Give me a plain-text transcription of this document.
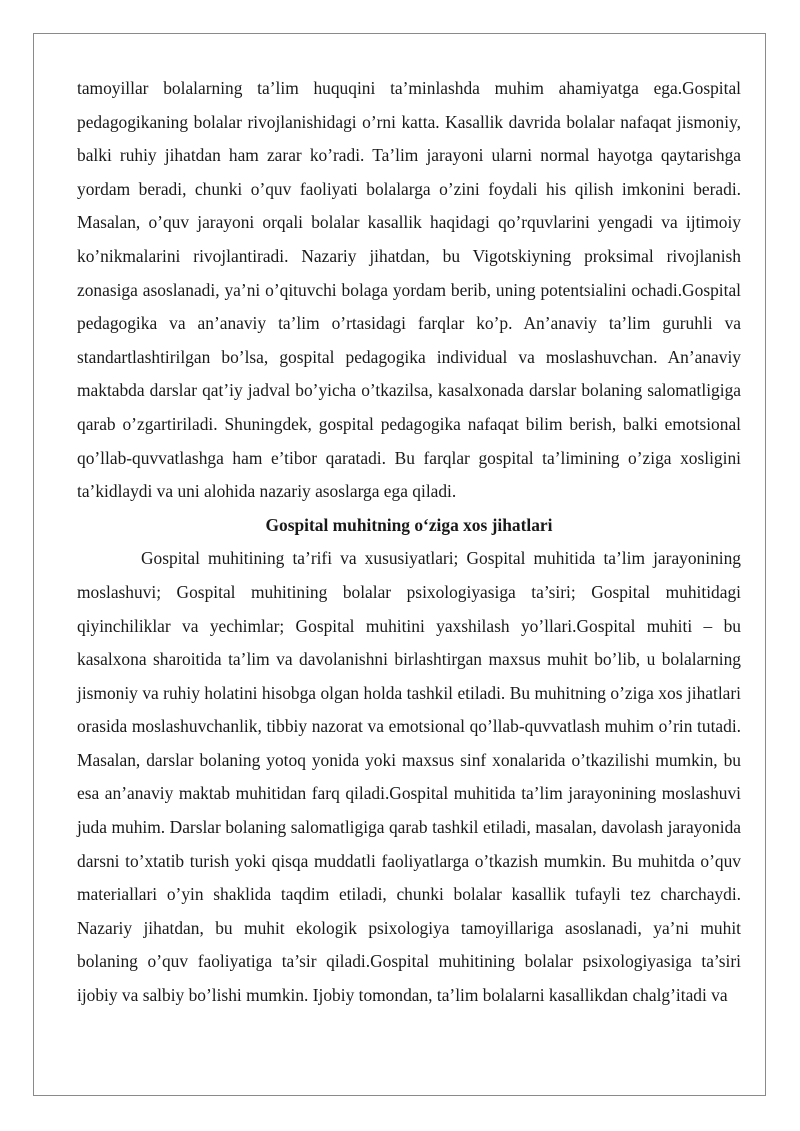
tamoyillar bolalarning ta’lim huquqini ta’minlashda muhim ahamiyatga ega.Gospital pedagogikaning bolalar rivojlanishidagi o’rni katta. Kasallik davrida bolalar nafaqat jismoniy, balki ruhiy jihatdan ham zarar ko’radi. Ta’lim jarayoni ularni normal hayotga qaytarishga yordam beradi, chunki o’quv faoliyati bolalarga o’zini foydali his qilish imkonini beradi. Masalan, o’quv jarayoni orqali bolalar kasallik haqidagi qo’rquvlarini yengadi va ijtimoiy ko’nikmalarini rivojlantiradi. Nazariy jihatdan, bu Vigotskiyning proksimal rivojlanish zonasiga asoslanadi, ya’ni o’qituvchi bolaga yordam berib, uning potentsialini ochadi.Gospital pedagogika va an’anaviy ta’lim o’rtasidagi farqlar ko’p. An’anaviy ta’lim guruhli va standartlashtirilgan bo’lsa, gospital pedagogika individual va moslashuvchan. An’anaviy maktabda darslar qat’iy jadval bo’yicha o’tkazilsa, kasalxonada darslar bolaning salomatligiga qarab o’zgartiriladi. Shuningdek, gospital pedagogika nafaqat bilim berish, balki emotsional qo’llab-quvvatlashga ham e’tibor qaratadi. Bu farqlar gospital ta’limining o’ziga xosligini ta’kidlaydi va uni alohida nazariy asoslarga ega qiladi.

Gospital muhitning o‘ziga xos jihatlari

Gospital muhitining ta’rifi va xususiyatlari; Gospital muhitida ta’lim jarayonining moslashuvi; Gospital muhitining bolalar psixologiyasiga ta’siri; Gospital muhitidagi qiyinchiliklar va yechimlar; Gospital muhitini yaxshilash yo’llari.Gospital muhiti – bu kasalxona sharoitida ta’lim va davolanishni birlashtirgan maxsus muhit bo’lib, u bolalarning jismoniy va ruhiy holatini hisobga olgan holda tashkil etiladi. Bu muhitning o’ziga xos jihatlari orasida moslashuvchanlik, tibbiy nazorat va emotsional qo’llab-quvvatlash muhim o’rin tutadi. Masalan, darslar bolaning yotoq yonida yoki maxsus sinf xonalarida o’tkazilishi mumkin, bu esa an’anaviy maktab muhitidan farq qiladi.Gospital muhitida ta’lim jarayonining moslashuvi juda muhim. Darslar bolaning salomatligiga qarab tashkil etiladi, masalan, davolash jarayonida darsni to’xtatib turish yoki qisqa muddatli faoliyatlarga o’tkazish mumkin. Bu muhitda o’quv materiallari o’yin shaklida taqdim etiladi, chunki bolalar kasallik tufayli tez charchaydi. Nazariy jihatdan, bu muhit ekologik psixologiya tamoyillariga asoslanadi, ya’ni muhit bolaning o’quv faoliyatiga ta’sir qiladi.Gospital muhitining bolalar psixologiyasiga ta’siri ijobiy va salbiy bo’lishi mumkin. Ijobiy tomondan, ta’lim bolalarni kasallikdan chalg’itadi va
